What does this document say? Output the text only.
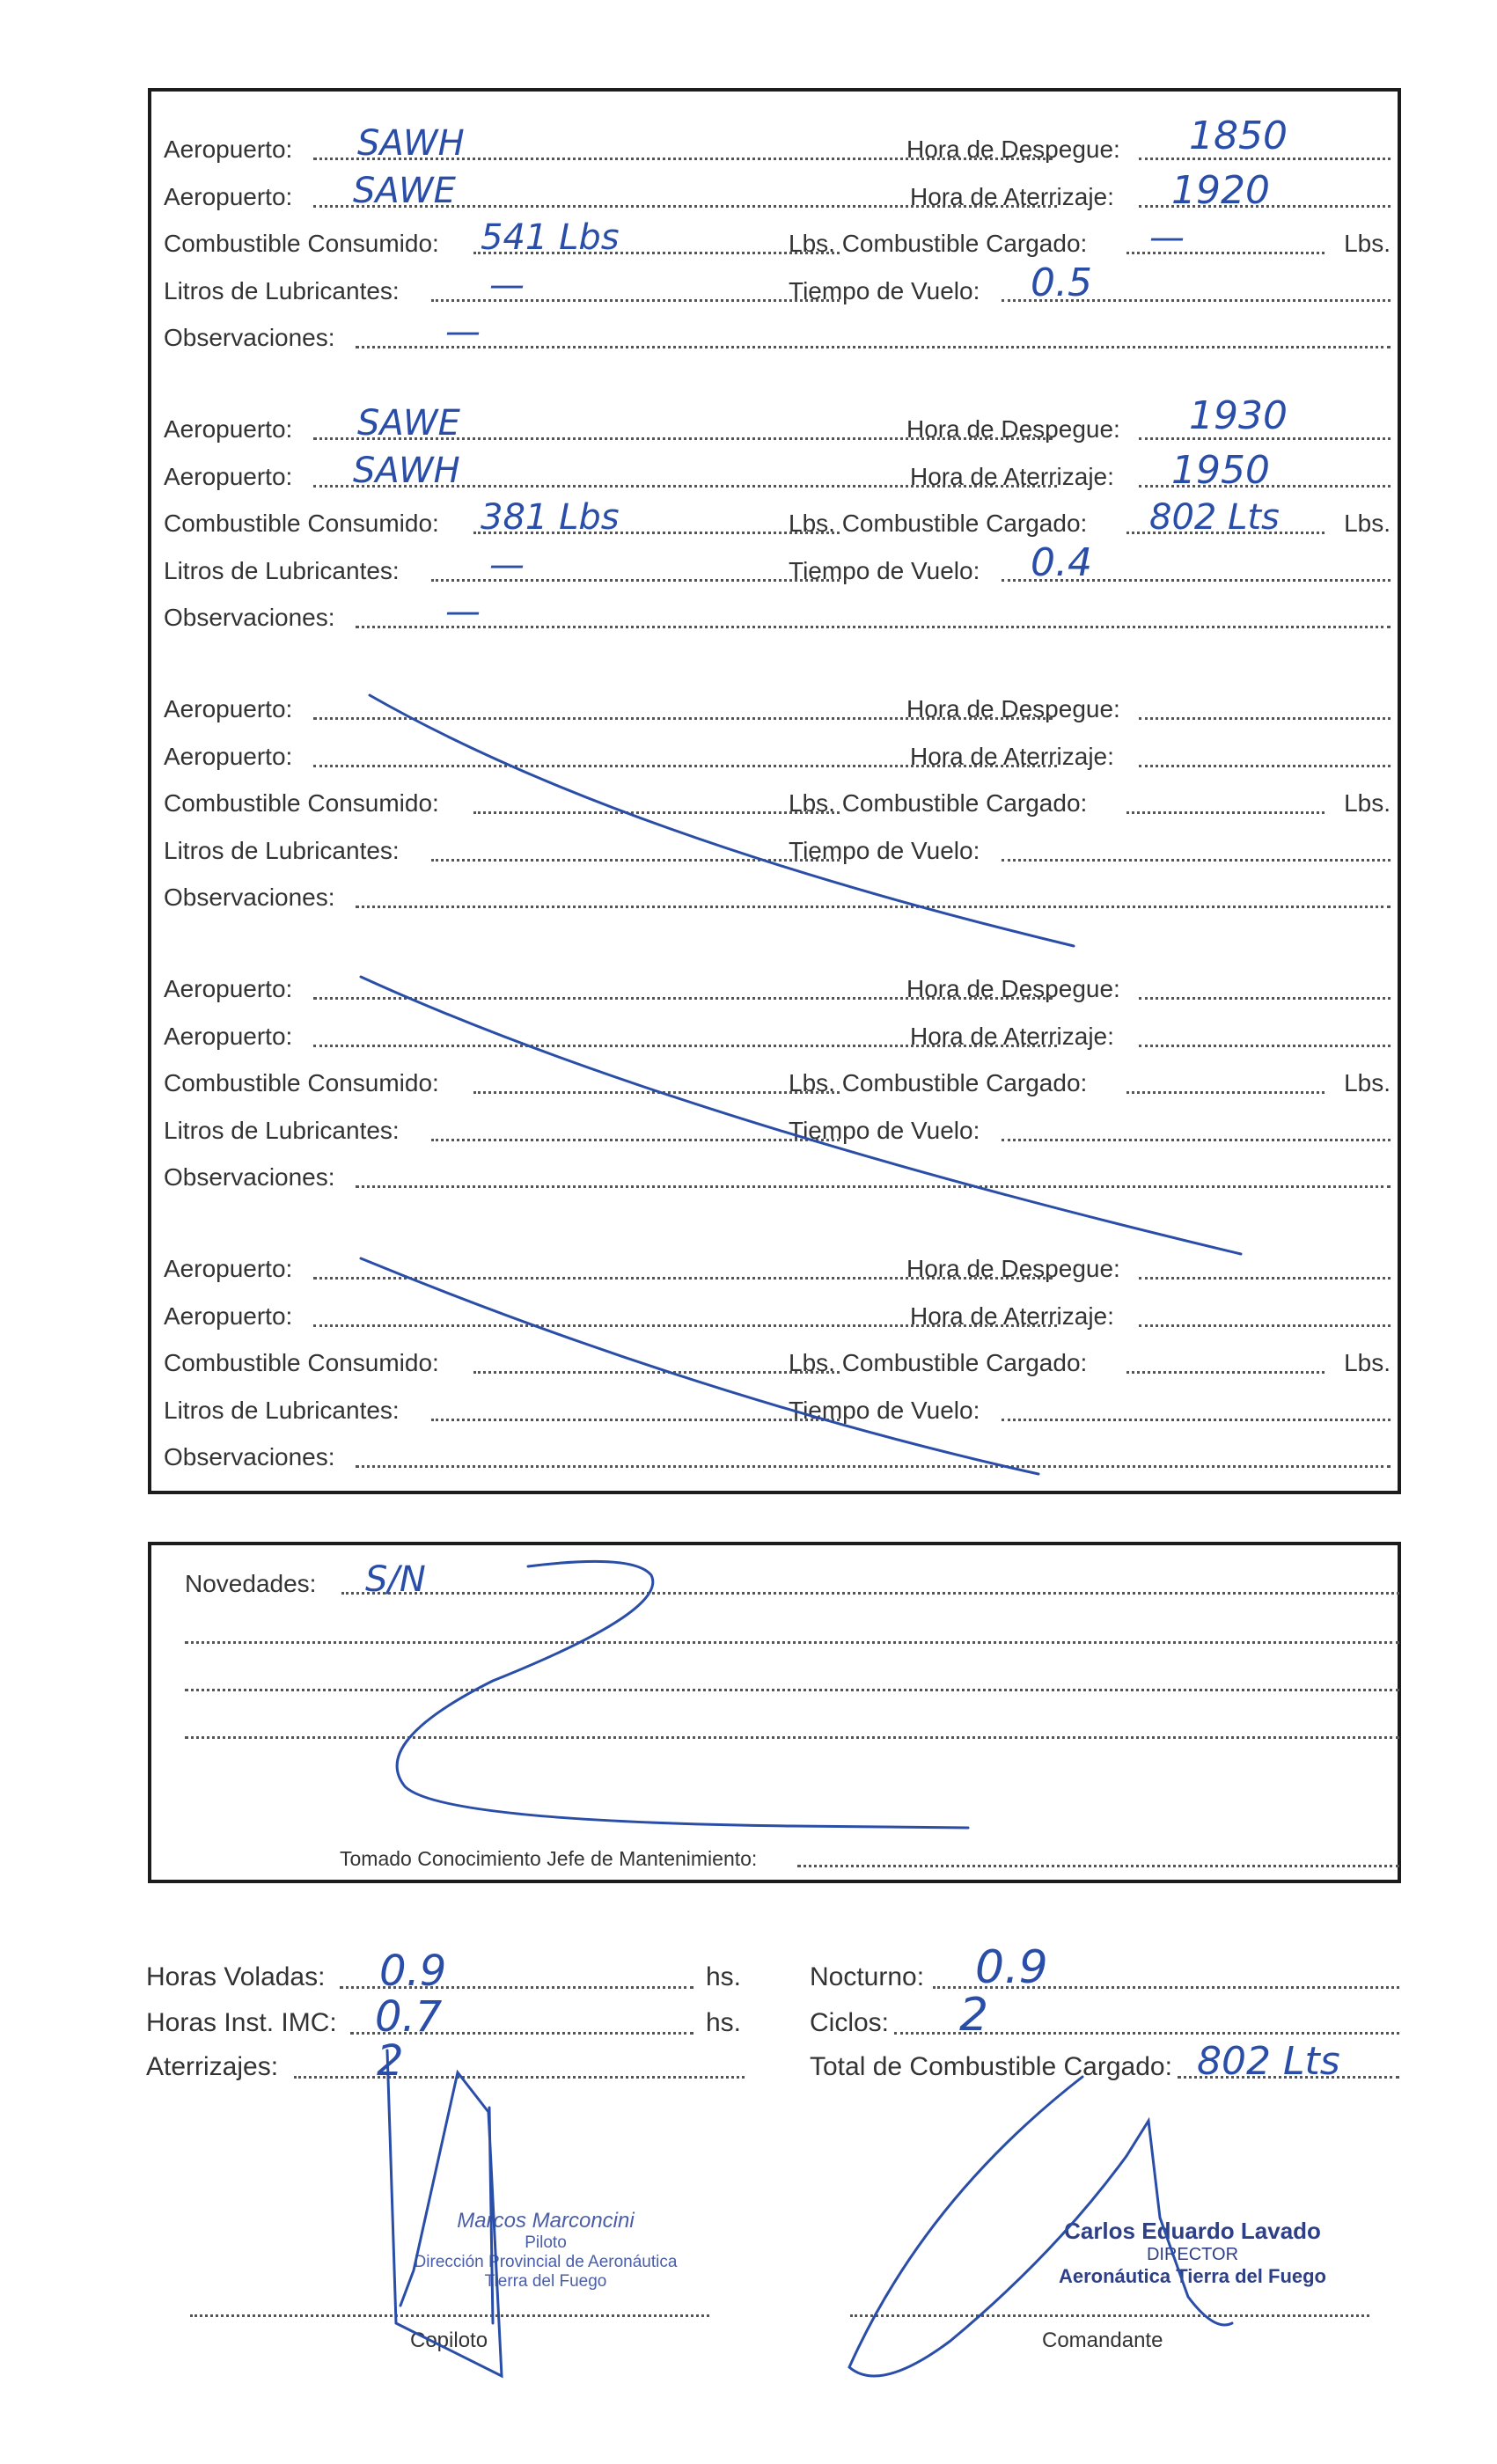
Aeropuerto: SAWH	Hora de Despegue: 1850
Aeropuerto: SAWE	Hora de Aterrizaje: 1920
Combustible Consumido: 541 Lbs	Lbs. Combustible Cargado: —	Lbs.
Litros de Lubricantes:	—	Tiempo de Vuelo: 0.5
Observaciones:	—
Aeropuerto: SAWE	Hora de Despegue: 1930
Aeropuerto: SAWH	Hora de Aterrizaje: 1950
Combustible Consumido: 381 Lbs	Lbs. Combustible Cargado: 802 Lts	Lbs.
Litros de Lubricantes:	—	Tiempo de Vuelo: 0.4
Observaciones:	—
Aeropuerto:	Hora de Despegue:
Aeropuerto:	Hora de Aterrizaje:
Combustible Consumido:	Lbs. Combustible Cargado:	Lbs.
Litros de Lubricantes:	Tiempo de Vuelo:
Observaciones:
Aeropuerto:	Hora de Despegue:
Aeropuerto:	Hora de Aterrizaje:
Combustible Consumido:	Lbs. Combustible Cargado:	Lbs.
Litros de Lubricantes:	Tiempo de Vuelo:
Observaciones:
Aeropuerto:	Hora de Despegue:
Aeropuerto:	Hora de Aterrizaje:
Combustible Consumido:	Lbs. Combustible Cargado:	Lbs.
Litros de Lubricantes:	Tiempo de Vuelo:
Observaciones:
Novedades: S/N
Tomado Conocimiento Jefe de Mantenimiento:
Horas Voladas: 0.9	hs.
Horas Inst. IMC: 0.7	hs.
Aterrizajes: 2
Nocturno: 0.9
Ciclos: 2
Total de Combustible Cargado: 802 Lts
Copiloto	Comandante
Marcos Marconcini
Piloto
Dirección Provincial de Aeronáutica
Tierra del Fuego
Carlos Eduardo Lavado
DIRECTOR
Aeronáutica Tierra del Fuego
